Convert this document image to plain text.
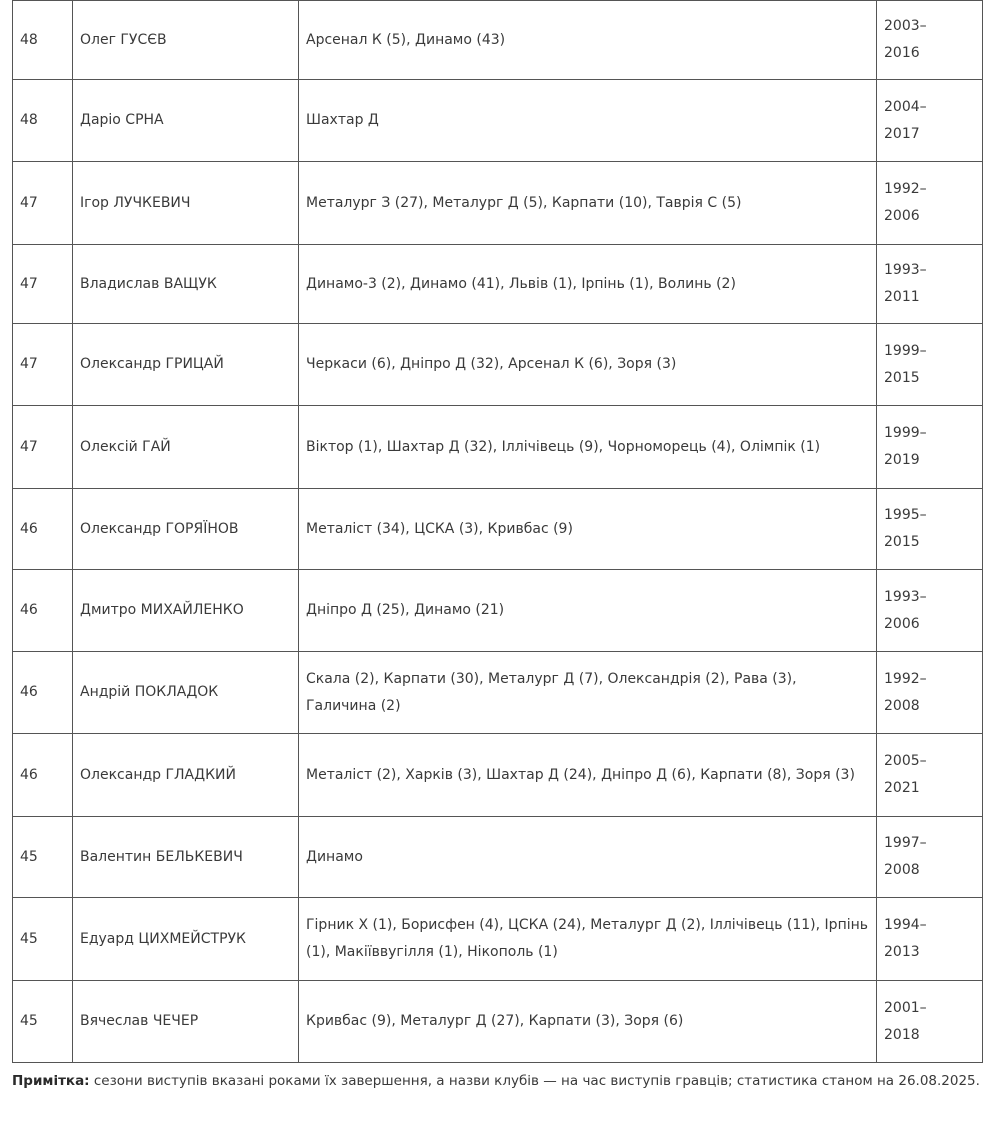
48	Олег ГУСЄВ	Арсенал К (5), Динамо (43)	2003–
2016

48	Даріо СРНА	Шахтар Д	2004–
2017

47	Ігор ЛУЧКЕВИЧ	Металург З (27), Металург Д (5), Карпати (10), Таврія С (5)	1992–
2006

47	Владислав ВАЩУК	Динамо-3 (2), Динамо (41), Львів (1), Ірпінь (1), Волинь (2)	1993–
2011

47	Олександр ГРИЦАЙ	Черкаси (6), Дніпро Д (32), Арсенал К (6), Зоря (3)	1999–
2015

47	Олексій ГАЙ	Віктор (1), Шахтар Д (32), Іллічівець (9), Чорноморець (4), Олімпік (1)	1999–
2019

46	Олександр ГОРЯЇНОВ	Металіст (34), ЦСКА (3), Кривбас (9)	1995–
2015

46	Дмитро МИХАЙЛЕНКО	Дніпро Д (25), Динамо (21)	1993–
2006

46	Андрій ПОКЛАДОК	Скала (2), Карпати (30), Металург Д (7), Олександрія (2), Рава (3), Галичина (2)	1992–
2008

46	Олександр ГЛАДКИЙ	Металіст (2), Харків (3), Шахтар Д (24), Дніпро Д (6), Карпати (8), Зоря (3)	2005–
2021

45	Валентин БЕЛЬКЕВИЧ	Динамо	1997–
2008

45	Едуард ЦИХМЕЙСТРУК	Гірник Х (1), Борисфен (4), ЦСКА (24), Металург Д (2), Іллічівець (11), Ірпінь (1), Макіїввугілля (1), Нікополь (1)	1994–
2013

45	Вячеслав ЧЕЧЕР	Кривбас (9), Металург Д (27), Карпати (3), Зоря (6)	2001–
2018
Примітка: сезони виступів вказані роками їх завершення, а назви клубів — на час виступів гравців; статистика станом на 26.08.2025.
